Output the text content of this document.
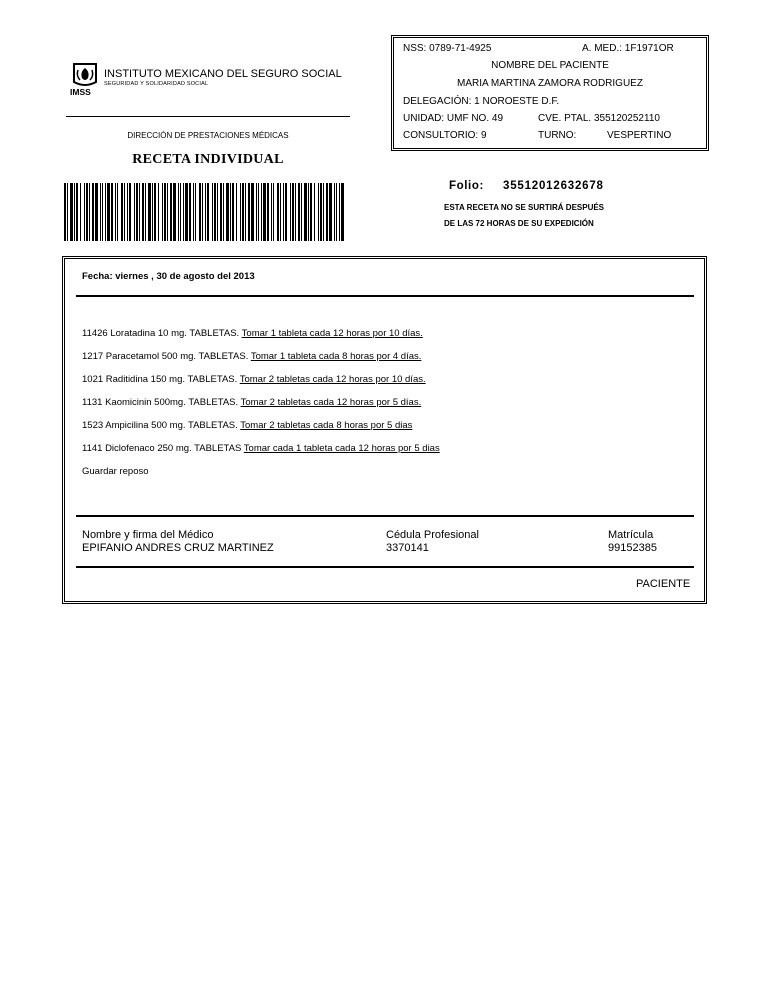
IMSS
INSTITUTO MEXICANO DEL SEGURO SOCIAL
SEGURIDAD Y SOLIDARIDAD SOCIAL
DIRECCIÓN DE PRESTACIONES MÉDICAS
RECETA INDIVIDUAL
NSS: 0789-71-4925	A. MED.: 1F1971OR
NOMBRE DEL PACIENTE
MARIA MARTINA ZAMORA RODRIGUEZ
DELEGACIÓN: 1 NOROESTE D.F.
UNIDAD: UMF NO. 49	CVE. PTAL. 355120252110
CONSULTORIO: 9	TURNO:	VESPERTINO
Folio: 35512012632678
ESTA RECETA NO SE SURTIRÁ DESPUÉS
DE LAS 72 HORAS DE SU EXPEDICIÓN
Fecha: viernes , 30 de agosto del 2013
11426 Loratadina 10 mg. TABLETAS. Tomar 1 tableta cada 12 horas por 10 días.
1217 Paracetamol 500 mg. TABLETAS. Tomar 1 tableta cada 8 horas por 4 días.
1021 Raditidina 150 mg. TABLETAS. Tomar 2 tabletas cada 12 horas por 10 días.
1131 Kaomicinin 500mg. TABLETAS. Tomar 2 tabletas cada 12 horas por 5 días.
1523 Ampicilina 500 mg. TABLETAS. Tomar 2 tabletas cada 8 horas por 5 dias
1141 Diclofenaco 250 mg. TABLETAS Tomar cada 1 tableta cada 12 horas por 5 dias
Guardar reposo
Nombre y firma del Médico
EPIFANIO ANDRES CRUZ MARTINEZ
Cédula Profesional
3370141
Matrícula
99152385
PACIENTE
